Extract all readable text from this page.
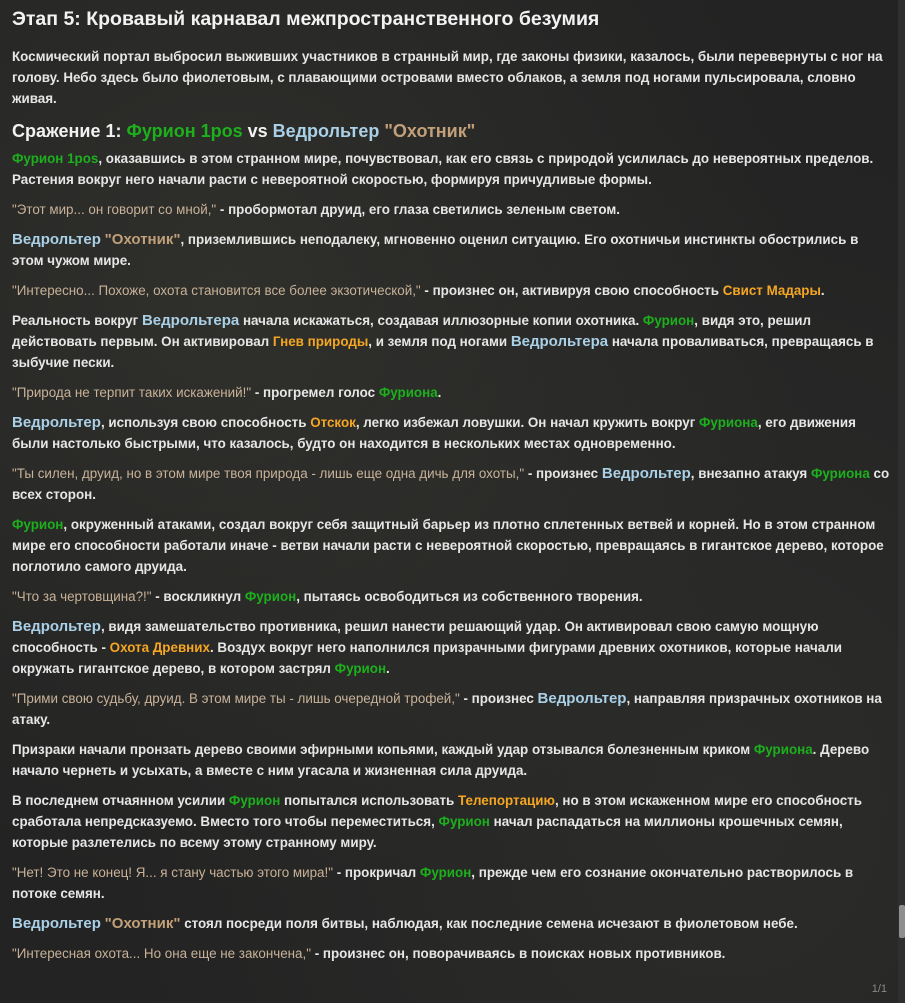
Этап 5: Кровавый карнавал межпространственного безумия

Космический портал выбросил выживших участников в странный мир, где законы физики, казалось, были перевернуты с ног на голову. Небо здесь было фиолетовым, с плавающими островами вместо облаков, а земля под ногами пульсировала, словно живая.

Сражение 1: Фурион 1pos vs Ведрольтер "Охотник"

Фурион 1pos, оказавшись в этом странном мире, почувствовал, как его связь с природой усилилась до невероятных пределов. Растения вокруг него начали расти с невероятной скоростью, формируя причудливые формы.

"Этот мир... он говорит со мной," - пробормотал друид, его глаза светились зеленым светом.

Ведрольтер "Охотник", приземлившись неподалеку, мгновенно оценил ситуацию. Его охотничьи инстинкты обострились в этом чужом мире.

"Интересно... Похоже, охота становится все более экзотической," - произнес он, активируя свою способность Свист Мадары.

Реальность вокруг Ведрольтера начала искажаться, создавая иллюзорные копии охотника. Фурион, видя это, решил действовать первым. Он активировал Гнев природы, и земля под ногами Ведрольтера начала проваливаться, превращаясь в зыбучие пески.

"Природа не терпит таких искажений!" - прогремел голос Фуриона.

Ведрольтер, используя свою способность Отскок, легко избежал ловушки. Он начал кружить вокруг Фуриона, его движения были настолько быстрыми, что казалось, будто он находится в нескольких местах одновременно.

"Ты силен, друид, но в этом мире твоя природа - лишь еще одна дичь для охоты," - произнес Ведрольтер, внезапно атакуя Фуриона со всех сторон.

Фурион, окруженный атаками, создал вокруг себя защитный барьер из плотно сплетенных ветвей и корней. Но в этом странном мире его способности работали иначе - ветви начали расти с невероятной скоростью, превращаясь в гигантское дерево, которое поглотило самого друида.

"Что за чертовщина?!" - воскликнул Фурион, пытаясь освободиться из собственного творения.

Ведрольтер, видя замешательство противника, решил нанести решающий удар. Он активировал свою самую мощную способность - Охота Древних. Воздух вокруг него наполнился призрачными фигурами древних охотников, которые начали окружать гигантское дерево, в котором застрял Фурион.

"Прими свою судьбу, друид. В этом мире ты - лишь очередной трофей," - произнес Ведрольтер, направляя призрачных охотников на атаку.

Призраки начали пронзать дерево своими эфирными копьями, каждый удар отзывался болезненным криком Фуриона. Дерево начало чернеть и усыхать, а вместе с ним угасала и жизненная сила друида.

В последнем отчаянном усилии Фурион попытался использовать Телепортацию, но в этом искаженном мире его способность сработала непредсказуемо. Вместо того чтобы переместиться, Фурион начал распадаться на миллионы крошечных семян, которые разлетелись по всему этому странному миру.

"Нет! Это не конец! Я... я стану частью этого мира!" - прокричал Фурион, прежде чем его сознание окончательно растворилось в потоке семян.

Ведрольтер "Охотник" стоял посреди поля битвы, наблюдая, как последние семена исчезают в фиолетовом небе.

"Интересная охота... Но она еще не закончена," - произнес он, поворачиваясь в поисках новых противников.

1/1
